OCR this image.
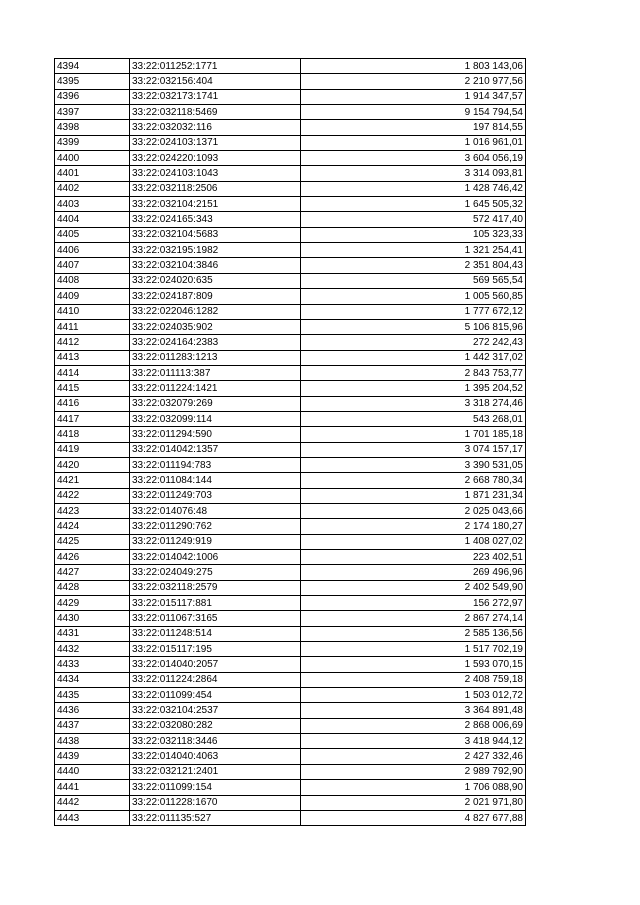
4394	33:22:011252:1771	1 803 143,06
4395	33:22:032156:404	2 210 977,56
4396	33:22:032173:1741	1 914 347,57
4397	33:22:032118:5469	9 154 794,54
4398	33:22:032032:116	197 814,55
4399	33:22:024103:1371	1 016 961,01
4400	33:22:024220:1093	3 604 056,19
4401	33:22:024103:1043	3 314 093,81
4402	33:22:032118:2506	1 428 746,42
4403	33:22:032104:2151	1 645 505,32
4404	33:22:024165:343	572 417,40
4405	33:22:032104:5683	105 323,33
4406	33:22:032195:1982	1 321 254,41
4407	33:22:032104:3846	2 351 804,43
4408	33:22:024020:635	569 565,54
4409	33:22:024187:809	1 005 560,85
4410	33:22:022046:1282	1 777 672,12
4411	33:22:024035:902	5 106 815,96
4412	33:22:024164:2383	272 242,43
4413	33:22:011283:1213	1 442 317,02
4414	33:22:011113:387	2 843 753,77
4415	33:22:011224:1421	1 395 204,52
4416	33:22:032079:269	3 318 274,46
4417	33:22:032099:114	543 268,01
4418	33:22:011294:590	1 701 185,18
4419	33:22:014042:1357	3 074 157,17
4420	33:22:011194:783	3 390 531,05
4421	33:22:011084:144	2 668 780,34
4422	33:22:011249:703	1 871 231,34
4423	33:22:014076:48	2 025 043,66
4424	33:22:011290:762	2 174 180,27
4425	33:22:011249:919	1 408 027,02
4426	33:22:014042:1006	223 402,51
4427	33:22:024049:275	269 496,96
4428	33:22:032118:2579	2 402 549,90
4429	33:22:015117:881	156 272,97
4430	33:22:011067:3165	2 867 274,14
4431	33:22:011248:514	2 585 136,56
4432	33:22:015117:195	1 517 702,19
4433	33:22:014040:2057	1 593 070,15
4434	33:22:011224:2864	2 408 759,18
4435	33:22:011099:454	1 503 012,72
4436	33:22:032104:2537	3 364 891,48
4437	33:22:032080:282	2 868 006,69
4438	33:22:032118:3446	3 418 944,12
4439	33:22:014040:4063	2 427 332,46
4440	33:22:032121:2401	2 989 792,90
4441	33:22:011099:154	1 706 088,90
4442	33:22:011228:1670	2 021 971,80
4443	33:22:011135:527	4 827 677,88
